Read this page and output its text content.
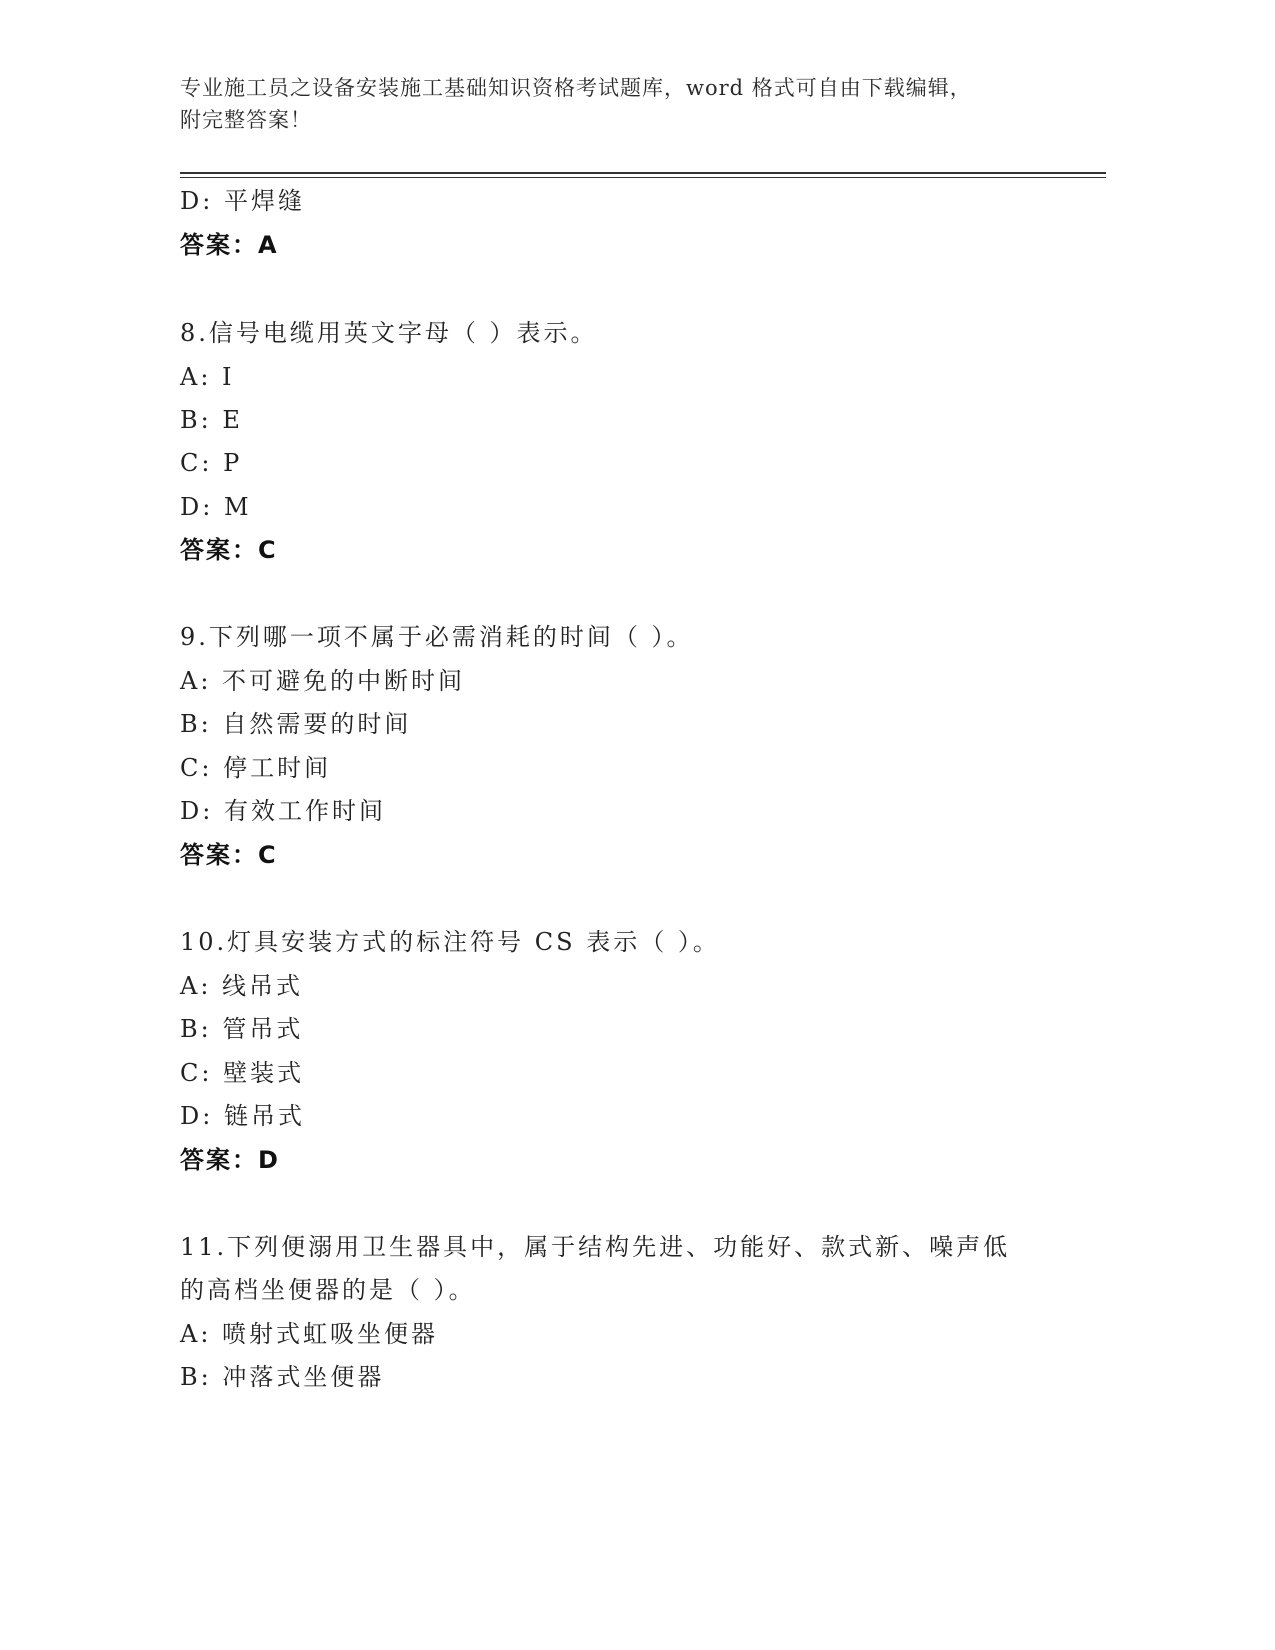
专业施工员之设备安装施工基础知识资格考试题库，word 格式可自由下载编辑，
附完整答案！
D: 平焊缝
答案：A
8.信号电缆用英文字母（ ）表示。
A: I
B: E
C: P
D: M
答案：C
9.下列哪一项不属于必需消耗的时间（ ）。
A: 不可避免的中断时间
B: 自然需要的时间
C: 停工时间
D: 有效工作时间
答案：C
10.灯具安装方式的标注符号 CS 表示（ ）。
A: 线吊式
B: 管吊式
C: 壁装式
D: 链吊式
答案：D
11.下列便溺用卫生器具中，属于结构先进、功能好、款式新、噪声低
的高档坐便器的是（ ）。
A: 喷射式虹吸坐便器
B: 冲落式坐便器
